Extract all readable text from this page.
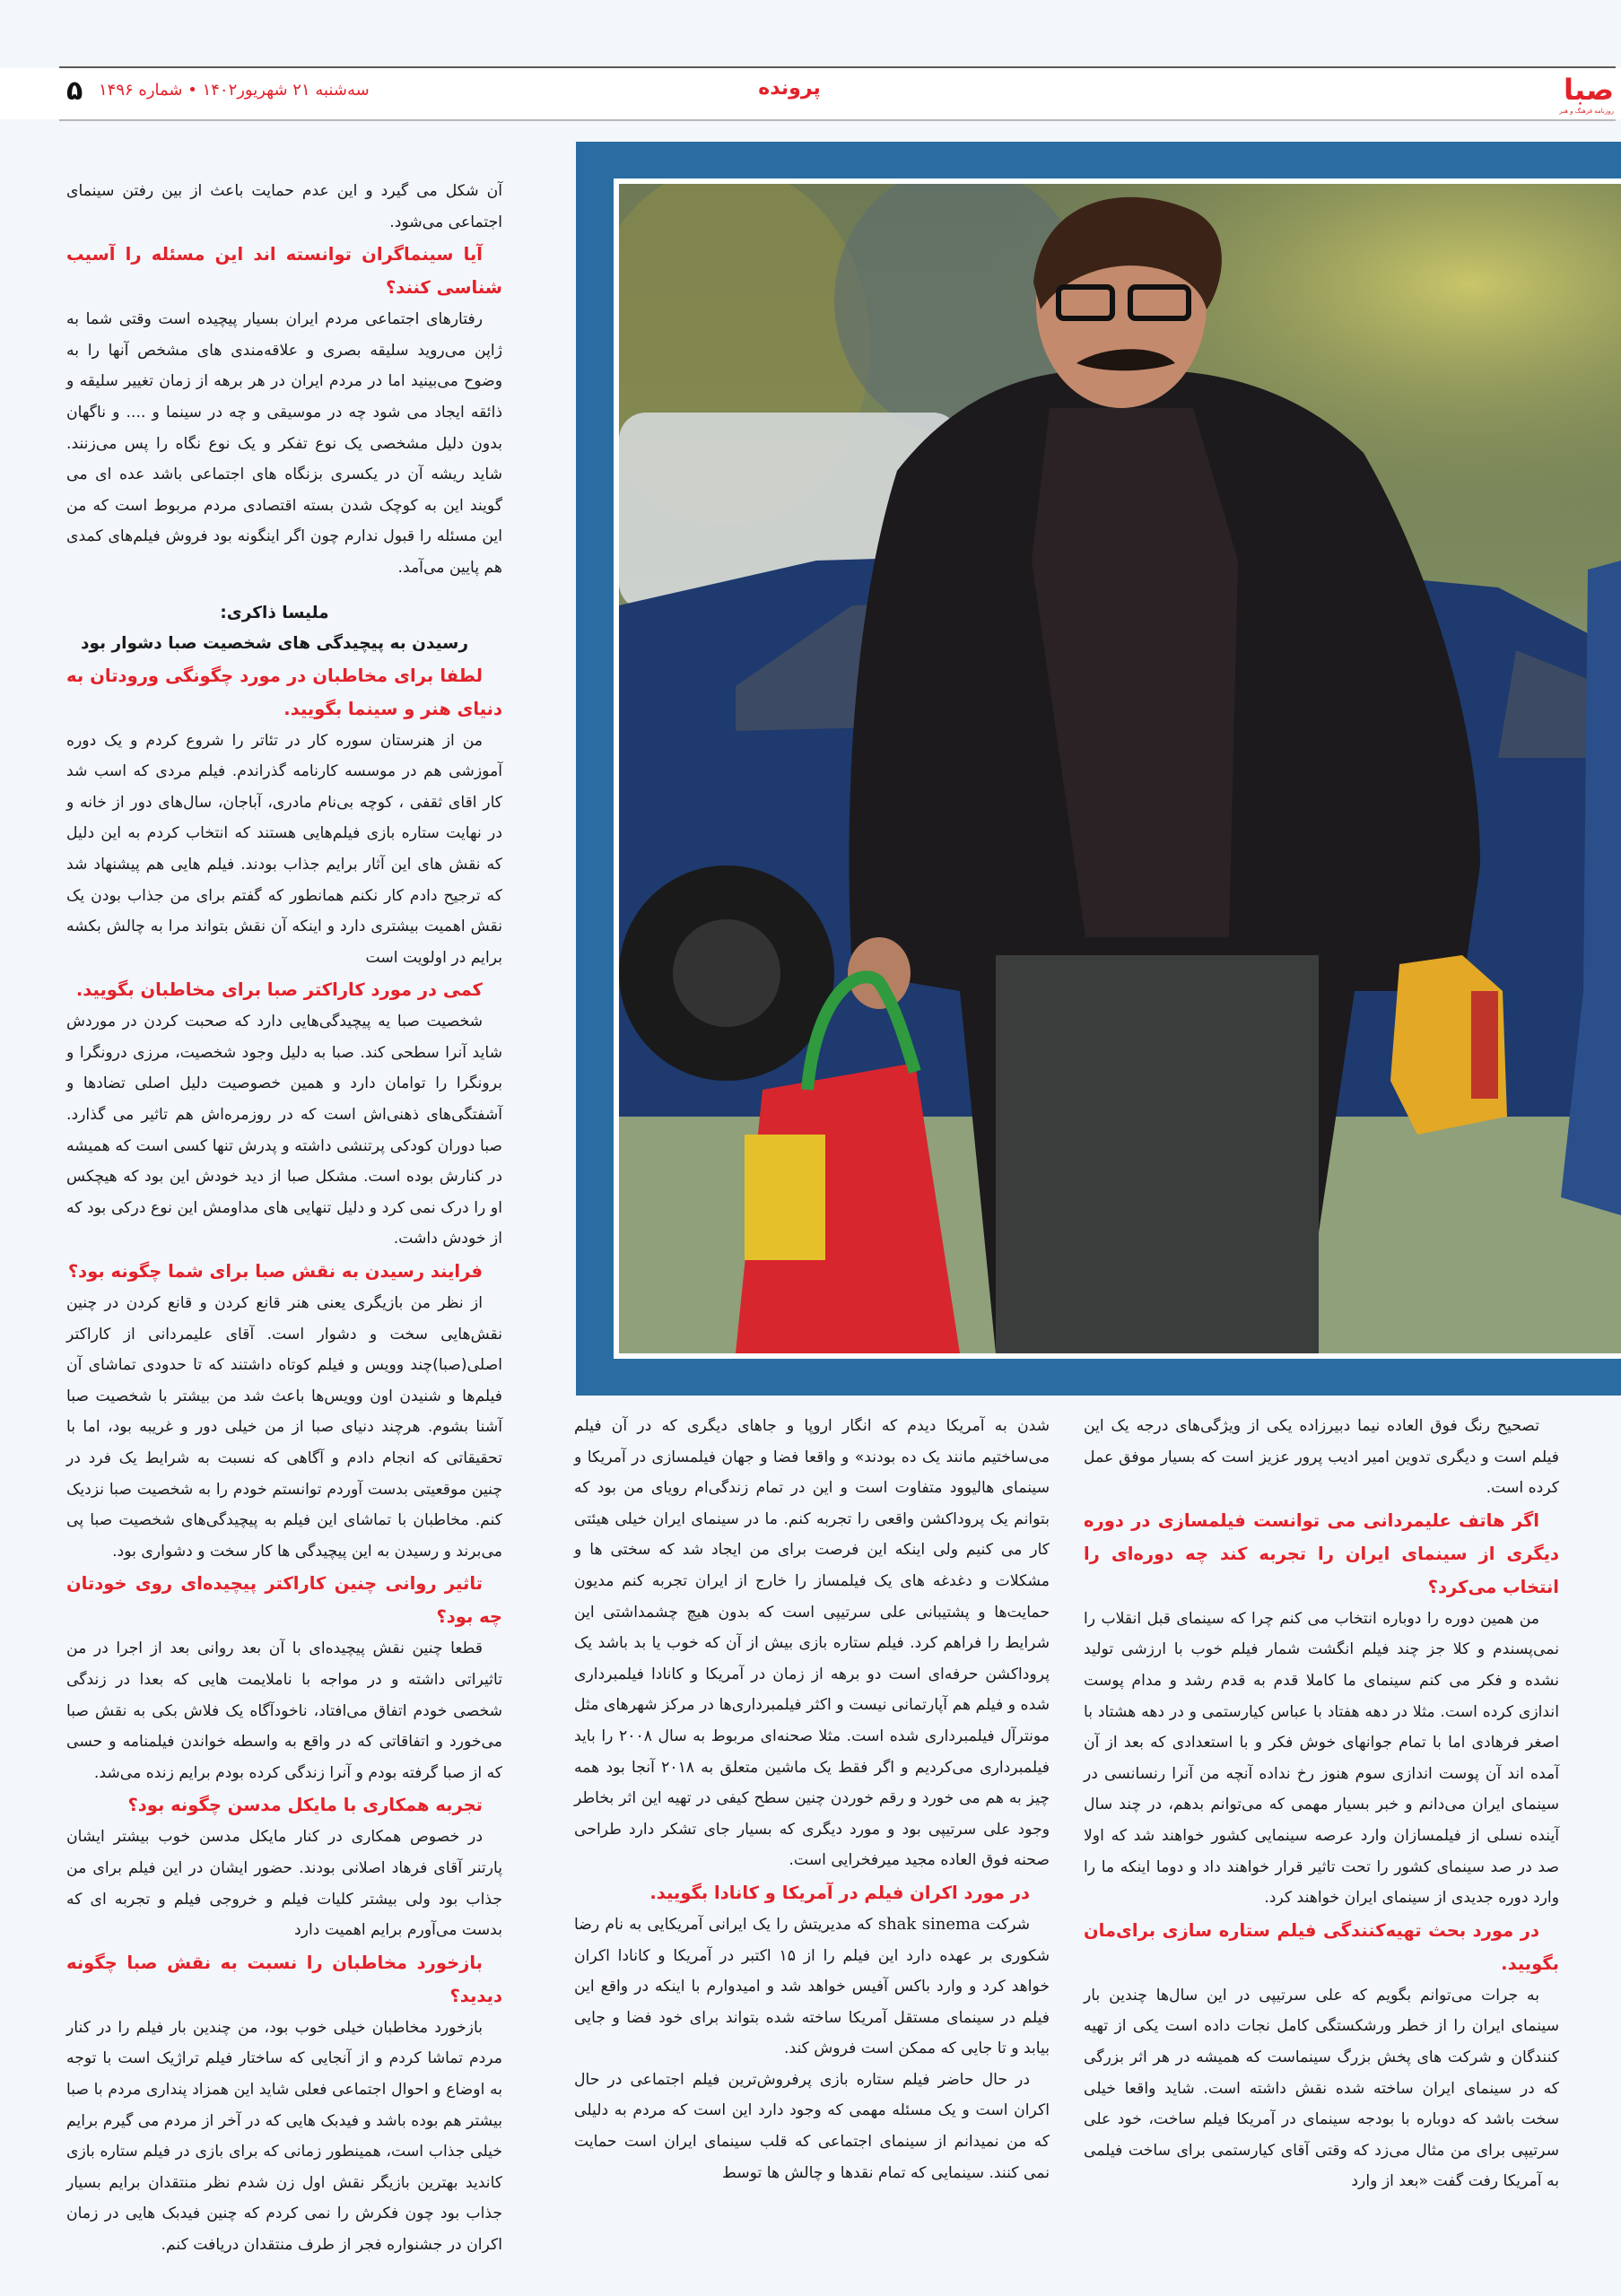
صبا
روزنامه فرهنگ و هنر
پرونده
سه‌شنبه ۲۱ شهریور۱۴۰۲ • شماره ۱۴۹۶
۵

آن شکل می گیرد و این عدم حمایت باعث از بین رفتن سینمای اجتماعی می‌شود.

آیا سینماگران توانسته اند این مسئله را آسیب شناسی کنند؟

رفتارهای اجتماعی مردم ایران بسیار پیچیده است وقتی شما به ژاپن می‌روید سلیقه بصری و علاقه‌مندی های مشخص آنها را به وضوح می‌بینید اما در مردم ایران در هر برهه از زمان تغییر سلیقه و ذائقه ایجاد می شود چه در موسیقی و چه در سینما و .... و ناگهان بدون دلیل مشخصی یک نوع تفکر و یک نوع نگاه را پس می‌زنند. شاید ریشه آن در یکسری بزنگاه های اجتماعی باشد عده ای می گویند این به کوچک شدن بسته اقتصادی مردم مربوط است که من این مسئله را قبول ندارم چون اگر اینگونه بود فروش فیلم‌های کمدی هم پایین می‌آمد.

ملیسا ذاکری:

رسیدن به پیچیدگی های شخصیت صبا دشوار بود

لطفا برای مخاطبان در مورد چگونگی ورودتان به دنیای هنر و سینما بگویید.

من از هنرستان سوره کار در تئاتر را شروع کردم و یک دوره آموزشی هم در موسسه کارنامه گذراندم. فیلم مردی که اسب شد کار اقای ثقفی ، کوچه بی‌نام مادری، آباجان، سال‌های دور از خانه و در نهایت ستاره بازی فیلم‌هایی هستند که انتخاب کردم به این دلیل که نقش های این آثار برایم جذاب بودند. فیلم هایی هم پیشنهاد شد که ترجیح دادم کار نکنم همانطور که گفتم برای من جذاب بودن یک نقش اهمیت بیشتری دارد و اینکه آن نقش بتواند مرا به چالش بکشه برایم در اولویت است

کمی در مورد کاراکتر صبا برای مخاطبان بگویید.

شخصیت صبا یه پیچیدگی‌هایی دارد که صحبت کردن در موردش شاید آنرا سطحی کند. صبا به دلیل وجود شخصیت، مرزی درونگرا و برونگرا را توامان دارد و همین خصوصیت دلیل اصلی تضادها و آشفتگی‌های ذهنی‌اش است که در روزمره‌اش هم تاثیر می گذارد. صبا دوران کودکی پرتنشی داشته و پدرش تنها کسی است که همیشه در کنارش بوده است. مشکل صبا از دید خودش این بود که هیچکس او را درک نمی کرد و دلیل تنهایی های مداومش این نوع درکی بود که از خودش داشت.

فرایند رسیدن به نقش صبا برای شما چگونه بود؟

از نظر من بازیگری یعنی هنر قانع کردن و قانع کردن در چنین نقش‌هایی سخت و دشوار است. آقای علیمردانی از کاراکتر اصلی(صبا)چند وویس و فیلم کوتاه داشتند که تا حدودی تماشای آن فیلم‌ها و شنیدن اون وویس‌ها باعث شد من بیشتر با شخصیت صبا آشنا بشوم. هرچند دنیای صبا از من خیلی دور و غریبه بود، اما با تحقیقاتی که انجام دادم و آگاهی که نسبت به شرایط یک فرد در چنین موقعیتی بدست آوردم توانستم خودم را به شخصیت صبا نزدیک کنم. مخاطبان با تماشای این فیلم به پیچیدگی‌های شخصیت صبا پی می‌برند و رسیدن به این پیچیدگی ها کار سخت و دشواری بود.

تاثیر روانی چنین کاراکتر پیچیده‌ای روی خودتان چه بود؟

قطعا چنین نقش پیچیده‌ای با آن بعد روانی بعد از اجرا در من تاثیراتی داشته و در مواجه با ناملایمت هایی که بعدا در زندگی شخصی خودم اتفاق می‌افتاد، ناخودآگاه یک فلاش بکی به نقش صبا می‌خورد و اتفاقاتی که در واقع به واسطه خواندن فیلمنامه و حسی که از صبا گرفته بودم و آنرا زندگی کرده بودم برایم زنده می‌شد.

تجربه همکاری با مایکل مدسن چگونه بود؟

در خصوص همکاری در کنار مایکل مدسن خوب بیشتر ایشان پارتنر آقای فرهاد اصلانی بودند. حضور ایشان در این فیلم برای من جذاب بود ولی بیشتر کلیات فیلم و خروجی فیلم و تجربه ای که بدست می‌آورم برایم اهمیت دارد

بازخورد مخاطبان را نسبت به نقش صبا چگونه دیدید؟

بازخورد مخاطبان خیلی خوب بود، من چندین بار فیلم را در کنار مردم تماشا کردم و از آنجایی که ساختار فیلم تراژیک است با توجه به اوضاع و احوال اجتماعی فعلی شاید این همزاد پنداری مردم با صبا بیشتر هم بوده باشد و فیدبک هایی که در آخر از مردم می گیرم برایم خیلی جذاب است، همینطور زمانی که برای بازی در فیلم ستاره بازی کاندید بهترین بازیگر نقش اول زن شدم نظر منتقدان برایم بسیار جذاب بود چون فکرش را نمی کردم که چنین فیدبک هایی در زمان اکران در جشنواره فجر از طرف منتقدان دریافت کنم.

شدن به آمریکا دیدم که انگار اروپا و جاهای دیگری که در آن فیلم می‌ساختیم مانند یک ده بودند» و واقعا فضا و جهان فیلمسازی در آمریکا و سینمای هالیوود متفاوت است و این در تمام زندگی‌ام رویای من بود که بتوانم یک پروداکشن واقعی را تجربه کنم. ما در سینمای ایران خیلی هیئتی کار می کنیم ولی اینکه این فرصت برای من ایجاد شد که سختی ها و مشکلات و دغدغه های یک فیلمساز را خارج از ایران تجربه کنم مدیون حمایت‌ها و پشتیبانی علی سرتیپی است که بدون هیچ چشمداشتی این شرایط را فراهم کرد. فیلم ستاره بازی بیش از آن که خوب یا بد باشد یک پروداکشن حرفه‌ای است دو برهه از زمان در آمریکا و کانادا فیلمبرداری شده و فیلم هم آپارتمانی نیست و اکثر فیلمبرداری‌ها در مرکز شهرهای مثل مونترآل فیلمبرداری شده است. مثلا صحنه‌ای مربوط به سال ۲۰۰۸ را باید فیلمبرداری می‌کردیم و اگر فقط یک ماشین متعلق به ۲۰۱۸ آنجا بود همه چیز به هم می خورد و رقم خوردن چنین سطح کیفی در تهیه این اثر بخاطر وجود علی سرتیپی بود و مورد دیگری که بسیار جای تشکر دارد طراحی صحنه فوق العاده مجید میرفخرایی است.

در مورد اکران فیلم در آمریکا و کانادا بگویید.

شرکت shak sinema که مدیریتش را یک ایرانی آمریکایی به نام رضا شکوری بر عهده دارد این فیلم را از ۱۵ اکتبر در آمریکا و کانادا اکران خواهد کرد و وارد باکس آفیس خواهد شد و امیدوارم با اینکه در واقع این فیلم در سینمای مستقل آمریکا ساخته شده بتواند برای خود فضا و جایی بیابد و تا جایی که ممکن است فروش کند.

در حال حاضر فیلم ستاره بازی پرفروش‌ترین فیلم اجتماعی در حال اکران است و یک مسئله مهمی که وجود دارد این است که مردم به دلیلی که من نمیدانم از سینمای اجتماعی که قلب سینمای ایران است حمایت نمی کنند. سینمایی که تمام نقدها و چالش ها توسط

تصحیح رنگ فوق العاده نیما دبیرزاده یکی از ویژگی‌های درجه یک این فیلم است و دیگری تدوین امیر ادیب پرور عزیز است که بسیار موفق عمل کرده است.

اگر هاتف علیمردانی می توانست فیلمسازی در دوره دیگری از سینمای ایران را تجربه کند چه دوره‌ای را انتخاب می‌کرد؟

من همین دوره را دوباره انتخاب می کنم چرا که سینمای قبل انقلاب را نمی‌پسندم و کلا جز چند فیلم انگشت شمار فیلم خوب با ارزشی تولید نشده و فکر می کنم سینمای ما کاملا قدم به قدم رشد و مدام پوست اندازی کرده است. مثلا در دهه هفتاد با عباس کیارستمی و در دهه هشتاد با اصغر فرهادی اما با تمام جوانهای خوش فکر و با استعدادی که بعد از آن آمده اند آن پوست اندازی سوم هنوز رخ نداده آنچه من آنرا رنسانسی در سینمای ایران می‌دانم و خبر بسیار مهمی که می‌توانم بدهم، در چند سال آینده نسلی از فیلمسازان وارد عرصه سینمایی کشور خواهند شد که اولا صد در صد سینمای کشور را تحت تاثیر قرار خواهند داد و دوما اینکه ما را وارد دوره جدیدی از سینمای ایران خواهند کرد.

در مورد بحث تهیه‌کنندگی فیلم ستاره سازی برای‌مان بگویید.

به جرات می‌توانم بگویم که علی سرتیپی در این سال‌ها چندین بار سینمای ایران را از خطر ورشکستگی کامل نجات داده است یکی از تهیه کنندگان و شرکت های پخش بزرگ سینماست که همیشه در هر اثر بزرگی که در سینمای ایران ساخته شده نقش داشته است. شاید واقعا خیلی سخت باشد که دوباره با بودجه سینمای در آمریکا فیلم ساخت، خود علی سرتیپی برای من مثال می‌زد که وقتی آقای کیارستمی برای ساخت فیلمی به آمریکا رفت گفت «بعد از وارد
